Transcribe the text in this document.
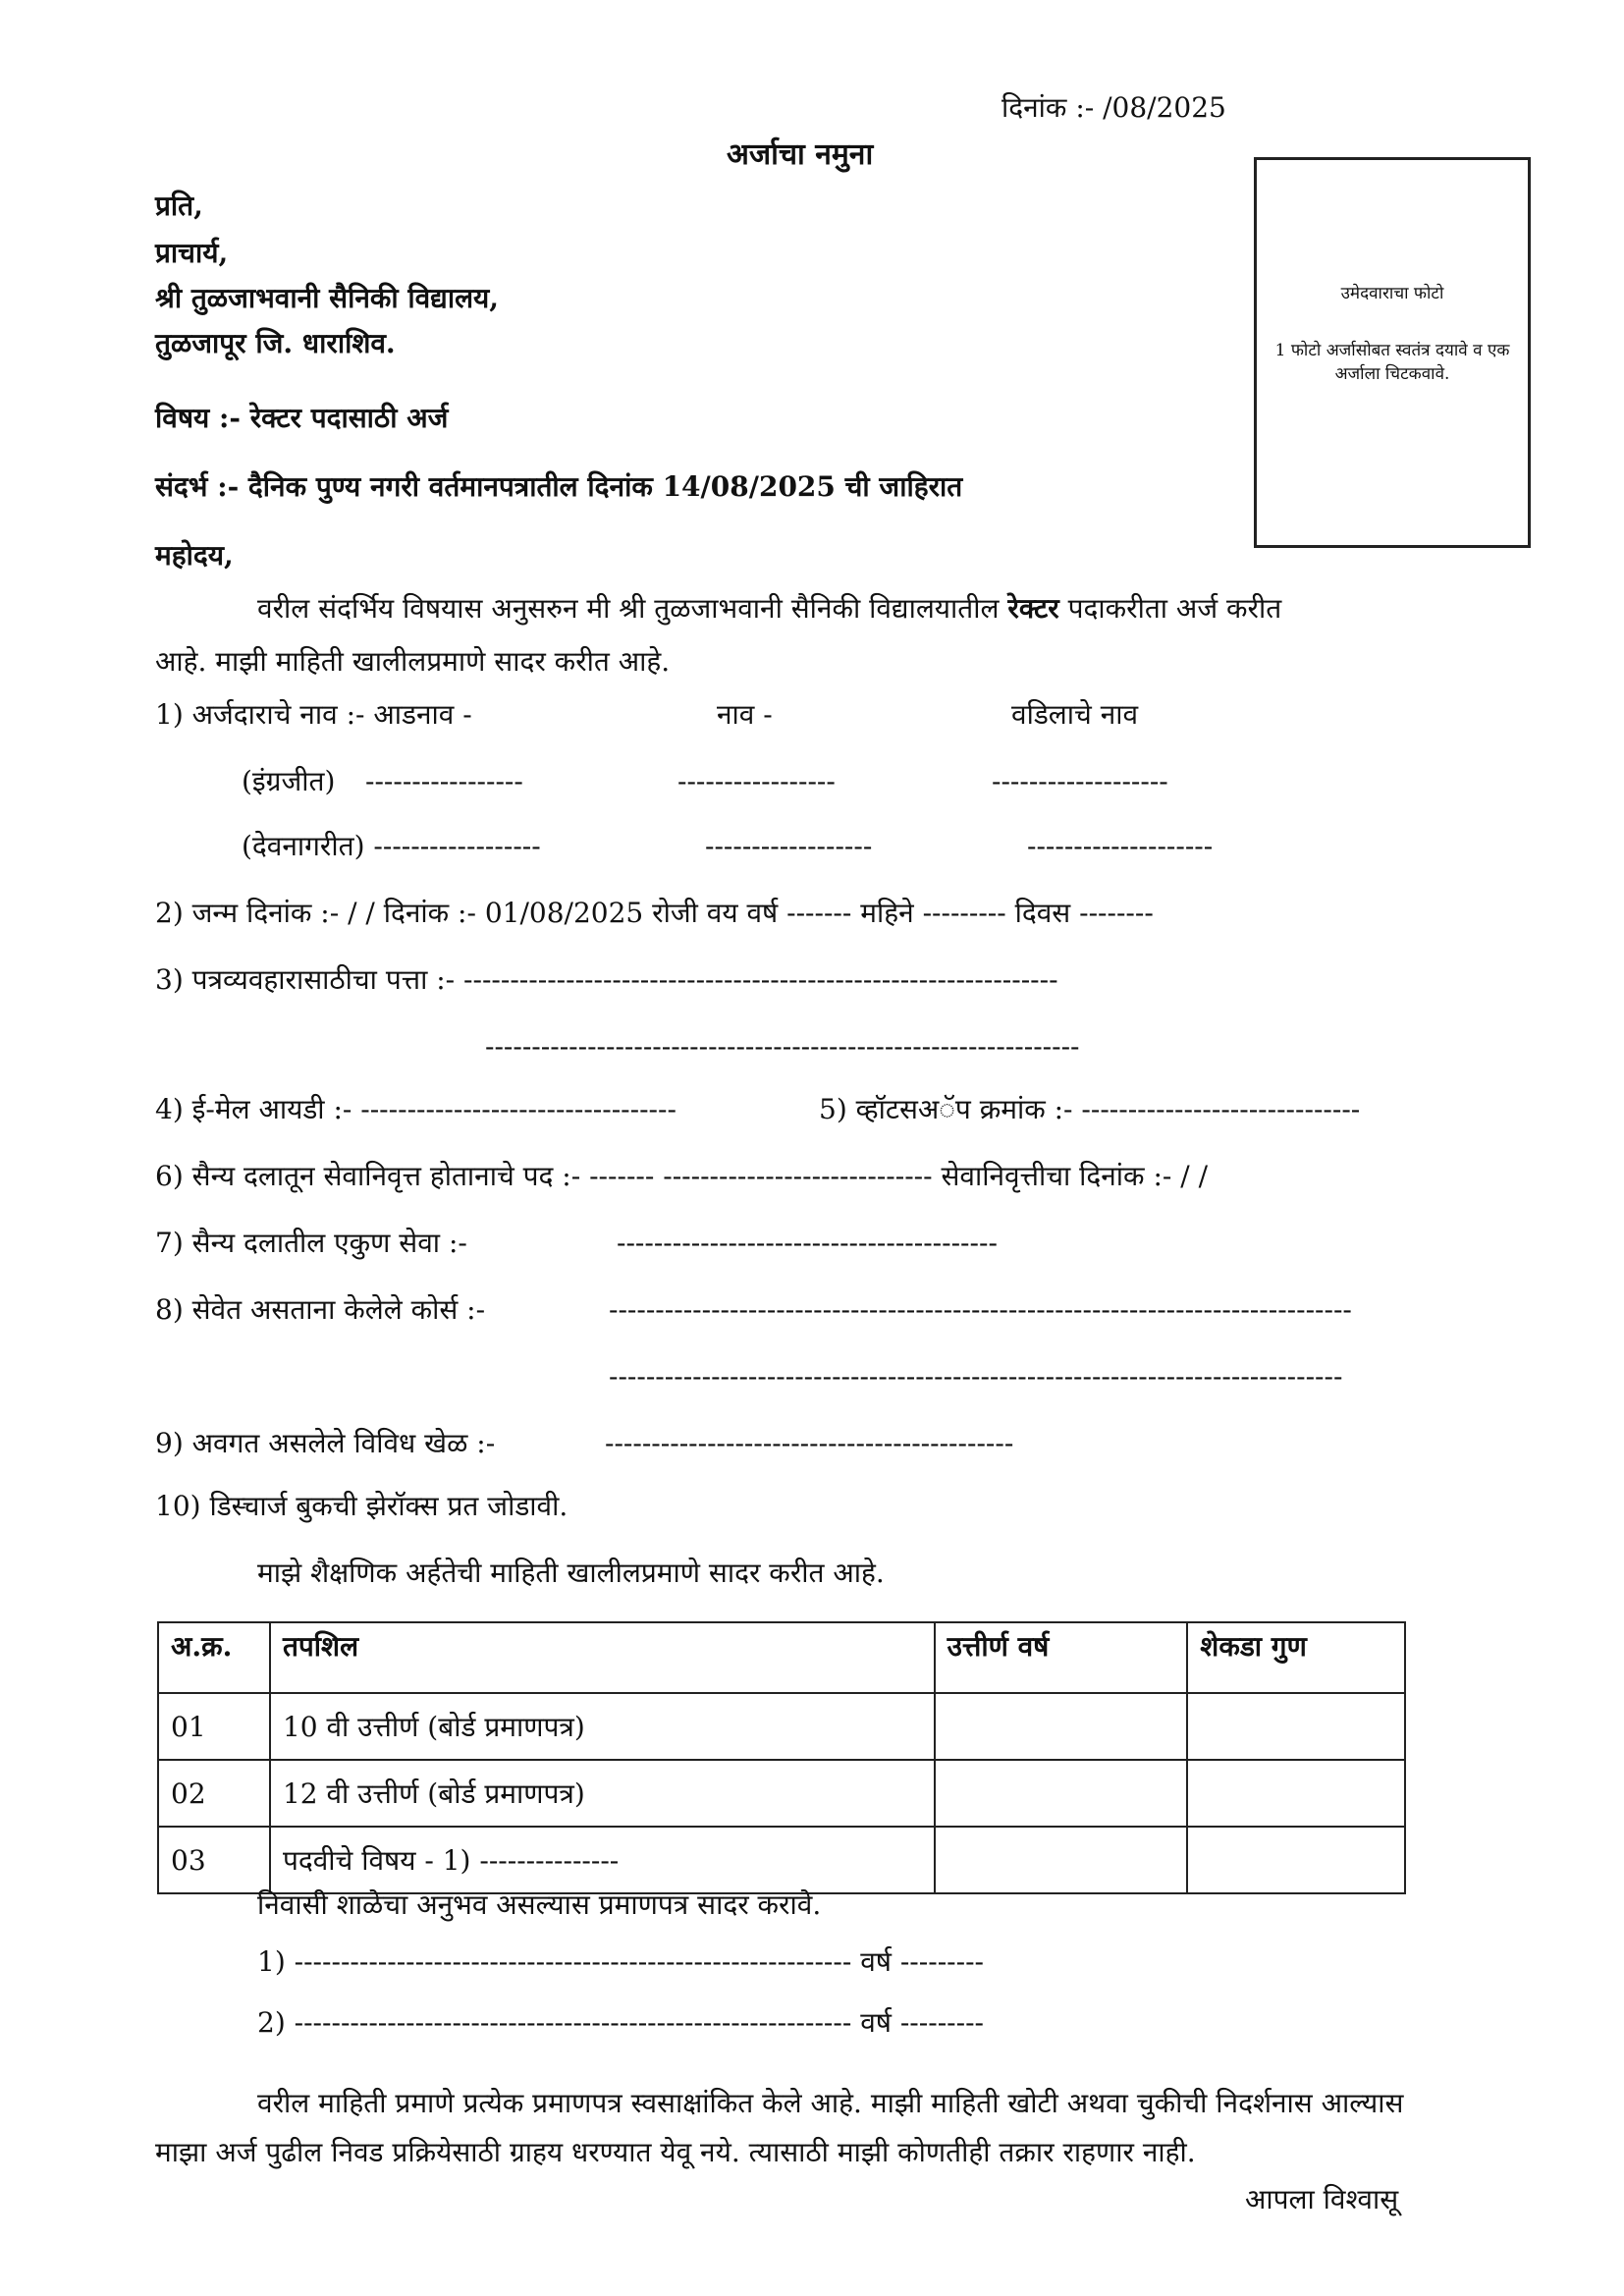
दिनांक :- /08/2025
अर्जाचा नमुना
प्रति,
प्राचार्य,
श्री तुळजाभवानी सैनिकी विद्यालय,
तुळजापूर जि. धाराशिव.
विषय :- रेक्टर पदासाठी अर्ज
संदर्भ :- दैनिक पुण्य नगरी वर्तमानपत्रातील दिनांक 14/08/2025 ची जाहिरात
महोदय,
उमेदवाराचा फोटो
1 फोटो अर्जासोबत स्वतंत्र दयावे व एक अर्जाला चिटकवावे.
वरील संदर्भिय विषयास अनुसरुन मी श्री तुळजाभवानी सैनिकी विद्यालयातील रेक्टर पदाकरीता अर्ज करीत
आहे. माझी माहिती खालीलप्रमाणे सादर करीत आहे.
1) अर्जदाराचे नाव :- आडनाव -	नाव -	वडिलाचे नाव
(इंग्रजीत) -----------------	-----------------	-------------------
(देवनागरीत) ------------------	------------------	--------------------
2) जन्म दिनांक :- / / दिनांक :- 01/08/2025 रोजी वय वर्ष ------- महिने --------- दिवस --------
3) पत्रव्यवहारासाठीचा पत्ता :- ----------------------------------------------------------------
----------------------------------------------------------------
4) ई-मेल आयडी :- ----------------------------------	5) व्हॉटसअॅप क्रमांक :- ------------------------------
6) सैन्य दलातून सेवानिवृत्त होतानाचे पद :- ------- ----------------------------- सेवानिवृत्तीचा दिनांक :- / /
7) सैन्य दलातील एकुण सेवा :-	-----------------------------------------
8) सेवेत असताना केलेले कोर्स :-	--------------------------------------------------------------------------------
-------------------------------------------------------------------------------
9) अवगत असलेले विविध खेळ :-	--------------------------------------------
10) डिस्चार्ज बुकची झेरॉक्स प्रत जोडावी.
माझे शैक्षणिक अर्हतेची माहिती खालीलप्रमाणे सादर करीत आहे.
अ.क्र.	तपशिल	उत्तीर्ण वर्ष	शेकडा गुण
01	10 वी उत्तीर्ण (बोर्ड प्रमाणपत्र)		
02	12 वी उत्तीर्ण (बोर्ड प्रमाणपत्र)		
03	पदवीचे विषय - 1) ---------------		
निवासी शाळेचा अनुभव असल्यास प्रमाणपत्र सादर करावे.
1) ------------------------------------------------------------ वर्ष ---------
2) ------------------------------------------------------------ वर्ष ---------
वरील माहिती प्रमाणे प्रत्येक प्रमाणपत्र स्वसाक्षांकित केले आहे. माझी माहिती खोटी अथवा चुकीची निदर्शनास आल्यास
माझा अर्ज पुढील निवड प्रक्रियेसाठी ग्राहय धरण्यात येवू नये. त्यासाठी माझी कोणतीही तक्रार राहणार नाही.
आपला विश्वासू
